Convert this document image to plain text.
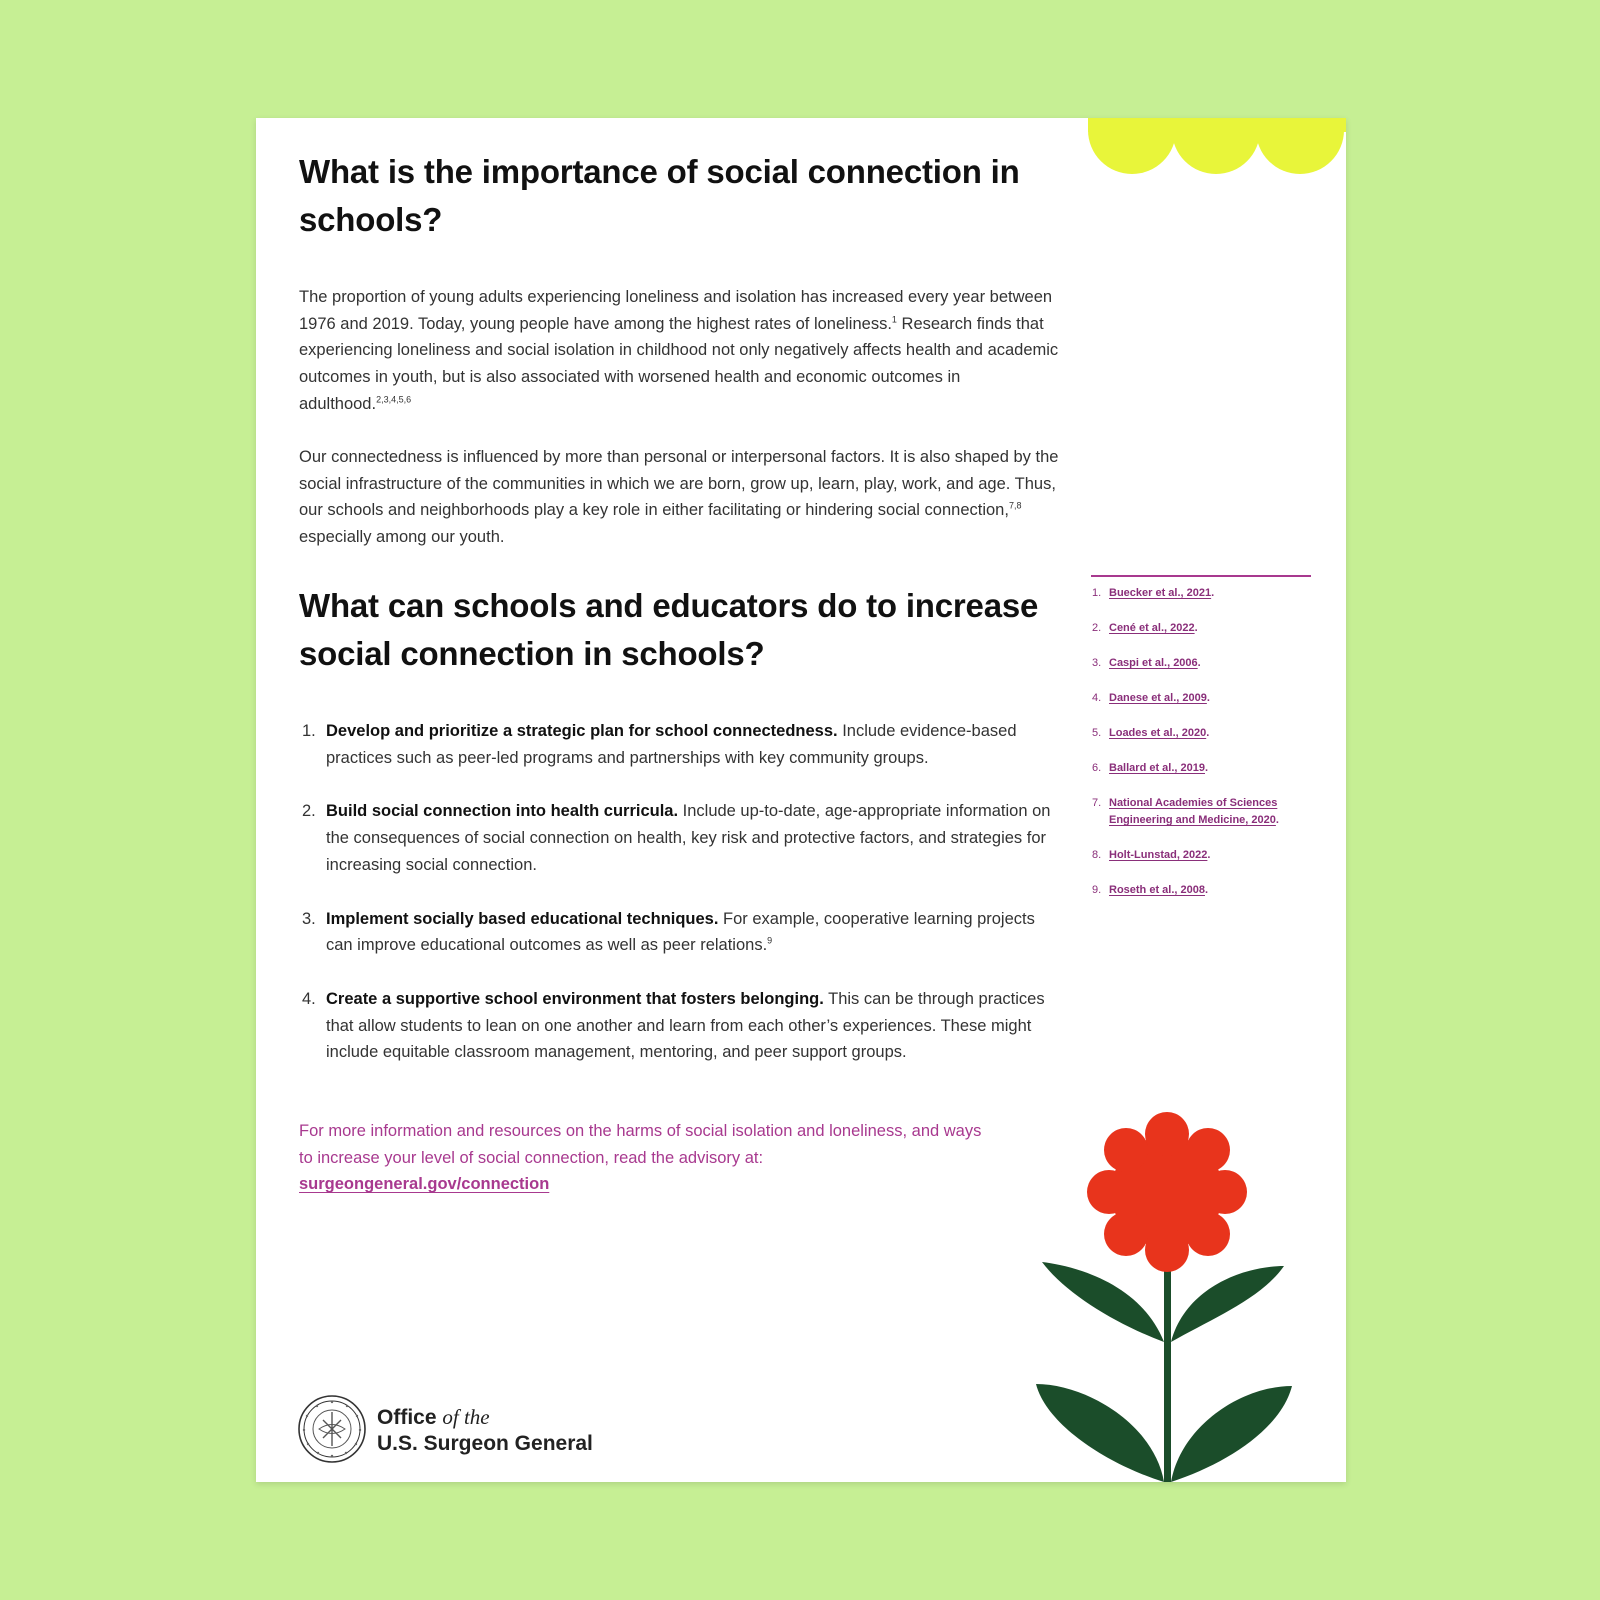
What is the importance of social connection in schools?

The proportion of young adults experiencing loneliness and isolation has increased every year between 1976 and 2019. Today, young people have among the highest rates of loneliness.$^1$ Research finds that experiencing loneliness and social isolation in childhood not only negatively affects health and academic outcomes in youth, but is also associated with worsened health and economic outcomes in adulthood.$^{2,3,4,5,6}$

Our connectedness is influenced by more than personal or interpersonal factors. It is also shaped by the social infrastructure of the communities in which we are born, grow up, learn, play, work, and age. Thus, our schools and neighborhoods play a key role in either facilitating or hindering social connection,$^{7,8}$ especially among our youth.

What can schools and educators do to increase social connection in schools?
1. Develop and prioritize a strategic plan for school connectedness. Include evidence-based practices such as peer-led programs and partnerships with key community groups.
2. Build social connection into health curricula. Include up-to-date, age-appropriate information on the consequences of social connection on health, key risk and protective factors, and strategies for increasing social connection.
3. Implement socially based educational techniques. For example, cooperative learning projects can improve educational outcomes as well as peer relations.$^9$
4. Create a supportive school environment that fosters belonging. This can be through practices that allow students to lean on one another and learn from each other’s experiences. These might include equitable classroom management, mentoring, and peer support groups.

For more information and resources on the harms of social isolation and loneliness, and ways to increase your level of social connection, read the advisory at:
surgeongeneral.gov/connection

1. Buecker et al., 2021.
2. Cené et al., 2022.
3. Caspi et al., 2006.
4. Danese et al., 2009.
5. Loades et al., 2020.
6. Ballard et al., 2019.
7. National Academies of Sciences Engineering and Medicine, 2020.
8. Holt-Lunstad, 2022.
9. Roseth et al., 2008.
Office of the
U.S. Surgeon General
